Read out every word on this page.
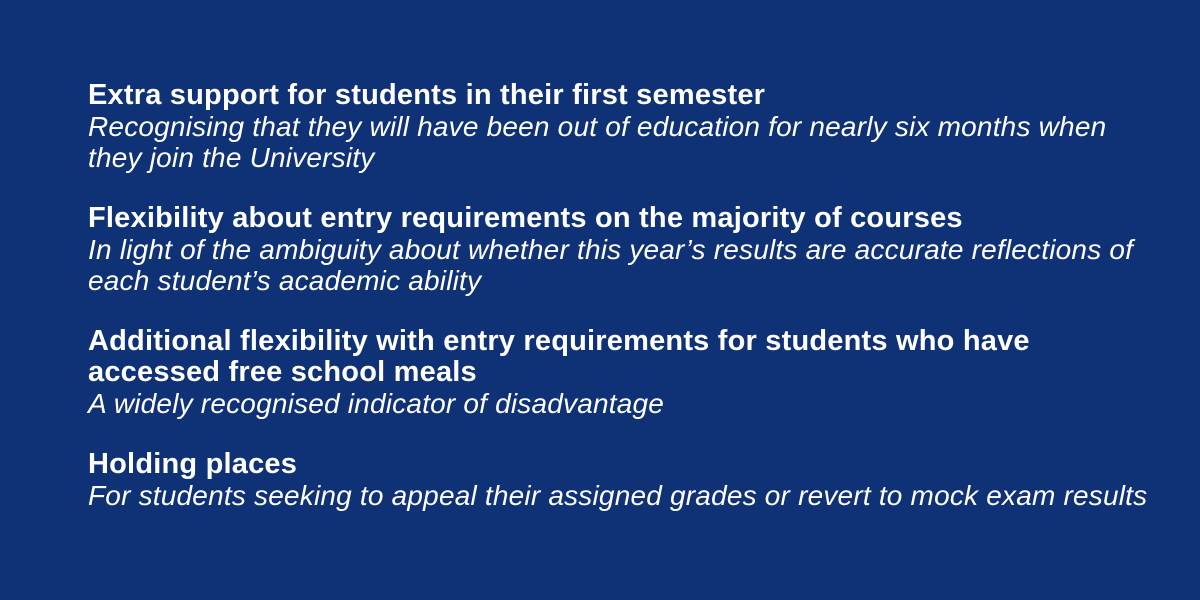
Extra support for students in their first semester
Recognising that they will have been out of education for nearly six months when they join the University
Flexibility about entry requirements on the majority of courses
In light of the ambiguity about whether this year’s results are accurate reflections of each student’s academic ability
Additional flexibility with entry requirements for students who have accessed free school meals
A widely recognised indicator of disadvantage
Holding places
For students seeking to appeal their assigned grades or revert to mock exam results
